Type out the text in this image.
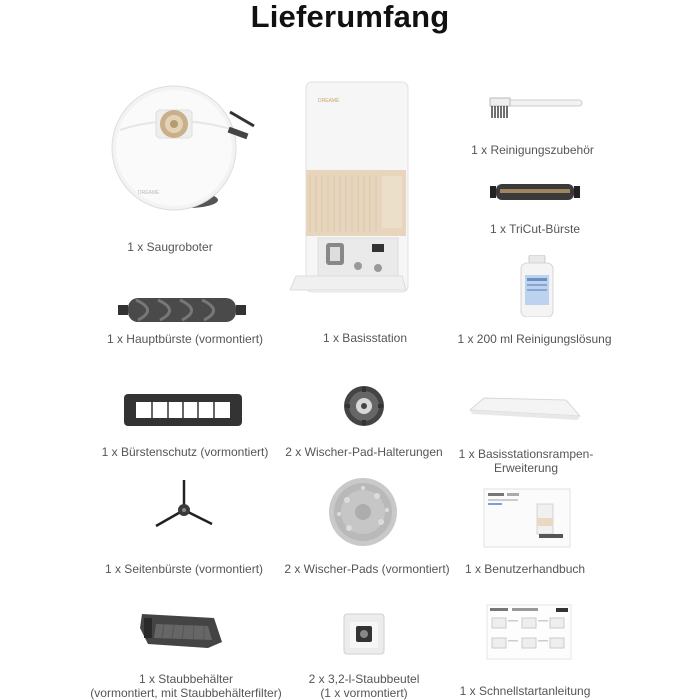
Lieferumfang
DREAME
1 x Saugroboter
DREAME
1 x Basisstation
1 x Reinigungszubehör
1 x TriCut-Bürste
1 x Hauptbürste (vormontiert)	1 x 200 ml Reinigungslösung
1 x Bürstenschutz (vormontiert)	2 x Wischer-Pad-Halterungen 1 x Basisstationsrampen-
Erweiterung
1 x Seitenbürste (vormontiert)	2 x Wischer-Pads (vormontiert)	1 x Benutzerhandbuch
1 x Staubbehälter
(vormontiert, mit Staubbehälterfilter)
2 x 3,2-l-Staubbeutel
(1 x vormontiert)	1 x Schnellstartanleitung
